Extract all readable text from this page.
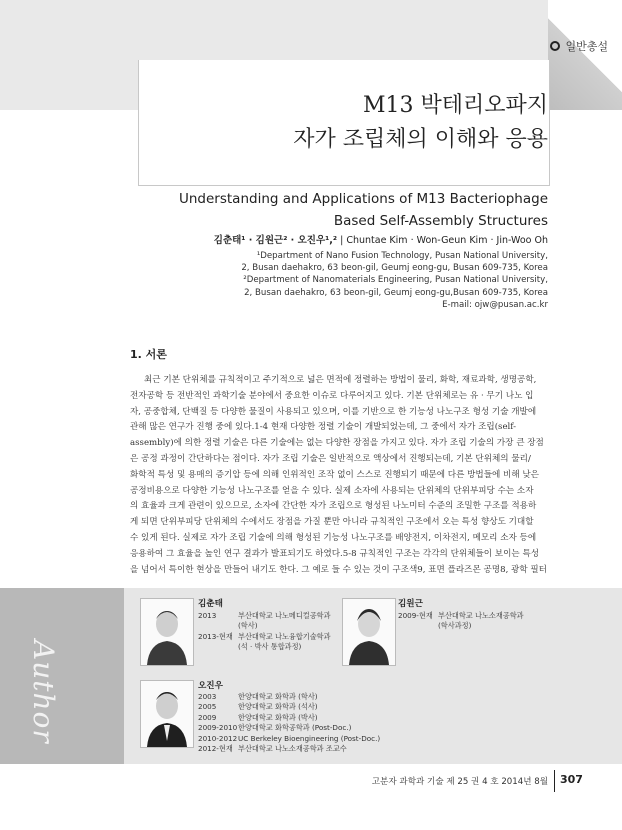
일반총설
M13 박테리오파지
자가 조립체의 이해와 응용
Understanding and Applications of M13 Bacteriophage
Based Self-Assembly Structures
김춘태¹ · 김원근² · 오진우¹,² | Chuntae Kim · Won-Geun Kim · Jin-Woo Oh
¹Department of Nano Fusion Technology, Pusan National University,
2, Busan daehakro, 63 beon-gil, Geumj eong-gu, Busan 609-735, Korea
²Department of Nanomaterials Engineering, Pusan National University,
2, Busan daehakro, 63 beon-gil, Geumj eong-gu,Busan 609-735, Korea
E-mail: ojw@pusan.ac.kr
1. 서론
최근 기본 단위체를 규칙적이고 주기적으로 넓은 면적에 정렬하는 방법이 물리, 화학, 재료과학, 생명공학,
전자공학 등 전반적인 과학기술 분야에서 중요한 이슈로 다루어지고 있다. 기본 단위체로는 유 · 무기 나노 입
자, 공중합체, 단백질 등 다양한 물질이 사용되고 있으며, 이를 기반으로 한 기능성 나노구조 형성 기술 개발에
관해 많은 연구가 진행 중에 있다.1-4 현재 다양한 정렬 기술이 개발되었는데, 그 중에서 자가 조립(self-
assembly)에 의한 정렬 기술은 다른 기술에는 없는 다양한 장점을 가지고 있다. 자가 조립 기술의 가장 큰 장점
은 공정 과정이 간단하다는 점이다. 자가 조립 기술은 일반적으로 액상에서 진행되는데, 기본 단위체의 물리/
화학적 특성 및 용매의 증기압 등에 의해 인위적인 조작 없이 스스로 진행되기 때문에 다른 방법들에 비해 낮은
공정비용으로 다양한 기능성 나노구조를 얻을 수 있다. 실제 소자에 사용되는 단위체의 단위부피당 수는 소자
의 효율과 크게 관련이 있으므로, 소자에 간단한 자가 조립으로 형성된 나노미터 수준의 조밀한 구조를 적용하
게 되면 단위부피당 단위체의 수에서도 장점을 가질 뿐만 아니라 규칙적인 구조에서 오는 특성 향상도 기대할
수 있게 된다. 실제로 자가 조립 기술에 의해 형성된 기능성 나노구조를 배양전지, 이차전지, 메모리 소자 등에
응용하여 그 효율을 높인 연구 결과가 발표되기도 하였다.5-8 규칙적인 구조는 각각의 단위체들이 보이는 특성
을 넘어서 특이한 현상을 만들어 내기도 한다. 그 예로 들 수 있는 것이 구조색9, 표면 플라즈몬 공명8, 광학 필터
Author
김춘태
2013	부산대학교 나노메디컬공학과
(학사)
2013-현재 부산대학교 나노융합기술학과
(석 · 박사 통합과정)
김원근
2009-현재 부산대학교 나노소재공학과
(학사과정)
오진우
2003	한양대학교 화학과 (학사)
2005	한양대학교 화학과 (석사)
2009	한양대학교 화학과 (박사)
2009-2010 한양대학교 화학공학과 (Post-Doc.)
2010-2012 UC Berkeley Bioengineering (Post-Doc.)
2012-현재 부산대학교 나노소재공학과 조교수
고분자 과학과 기술 제 25 권 4 호 2014년 8월 307
